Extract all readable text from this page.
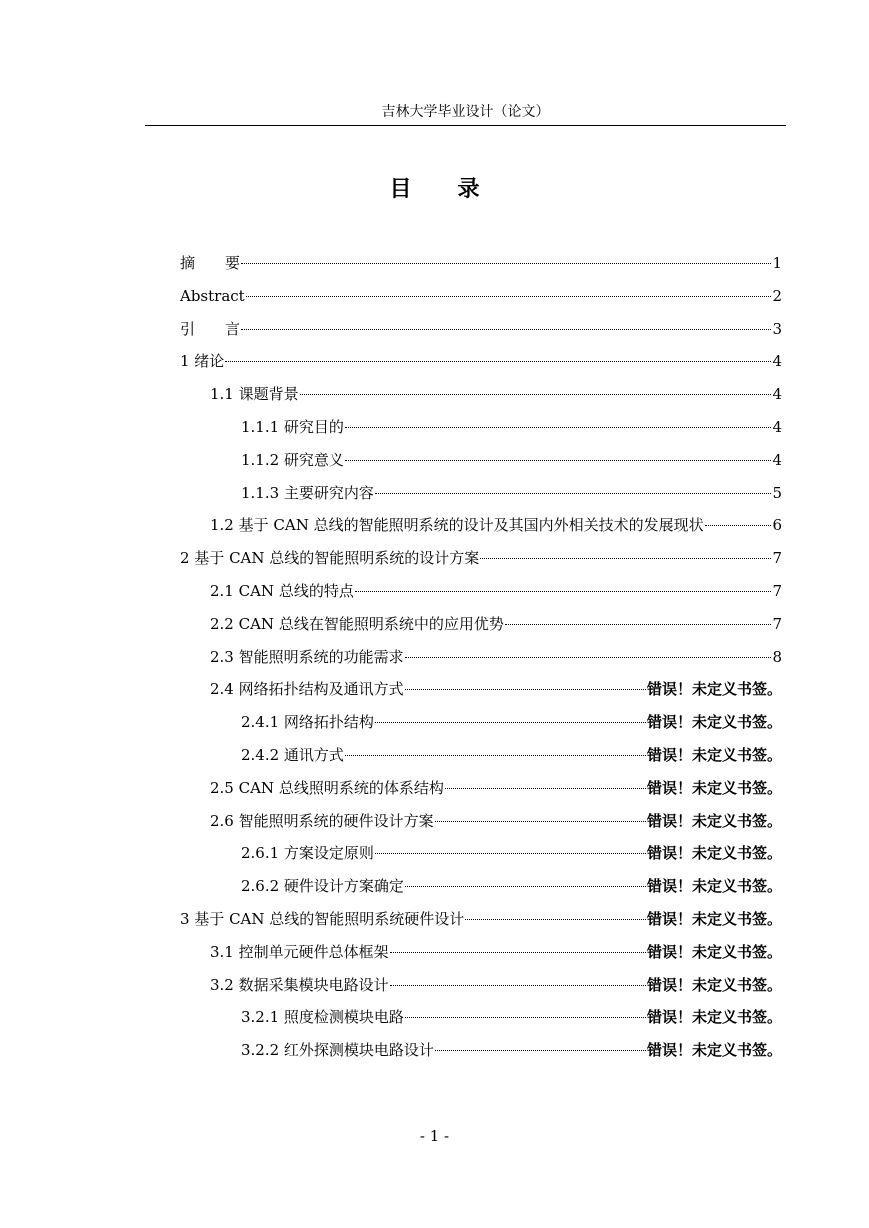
吉林大学毕业设计（论文）
目录
摘要	1
Abstract	2
引言	3
1 绪论	4
1.1 课题背景	4
1.1.1 研究目的	4
1.1.2 研究意义	4
1.1.3 主要研究内容	5
1.2 基于 CAN 总线的智能照明系统的设计及其国内外相关技术的发展现状	6
2 基于 CAN 总线的智能照明系统的设计方案	7
2.1 CAN 总线的特点	7
2.2 CAN 总线在智能照明系统中的应用优势	7
2.3 智能照明系统的功能需求	8
2.4 网络拓扑结构及通讯方式	错误！未定义书签。
2.4.1 网络拓扑结构	错误！未定义书签。
2.4.2 通讯方式	错误！未定义书签。
2.5 CAN 总线照明系统的体系结构	错误！未定义书签。
2.6 智能照明系统的硬件设计方案	错误！未定义书签。
2.6.1 方案设定原则	错误！未定义书签。
2.6.2 硬件设计方案确定	错误！未定义书签。
3 基于 CAN 总线的智能照明系统硬件设计	错误！未定义书签。
3.1 控制单元硬件总体框架	错误！未定义书签。
3.2 数据采集模块电路设计	错误！未定义书签。
3.2.1 照度检测模块电路	错误！未定义书签。
3.2.2 红外探测模块电路设计	错误！未定义书签。
- 1 -
